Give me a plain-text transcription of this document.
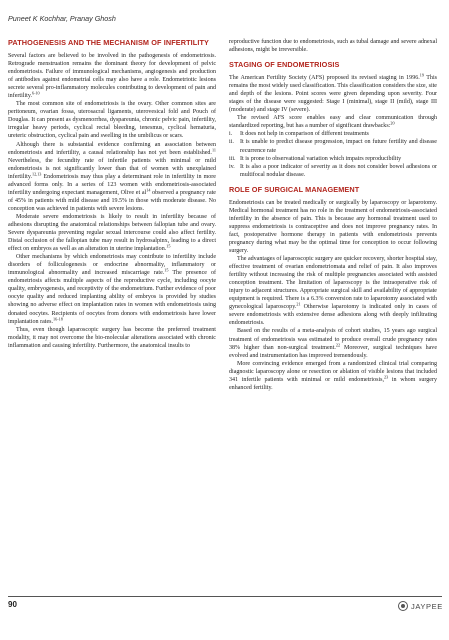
Puneet K Kochhar, Pranay Ghosh
PATHOGENESIS AND THE MECHANISM OF INFERTILITY

Several factors are believed to be involved in the pathogenesis of endometriosis. Retrograde menstruation remains the dominant theory for development of pelvic endometriosis. Failure of immunological mechanisms, angiogenesis and production of antibodies against endometrial cells may also have a role. Endometriotic lesions secrete several pro-inflammatory molecules contributing to development of pain and infertility.$^{6-10}$

The most common site of endometriosis is the ovary. Other common sites are peritoneum, ovarian fossa, uterosacral ligaments, uterovesical fold and Pouch of Douglas. It can present as dysmenorrhea, dyspareunia, chronic pelvic pain, infertility, irregular heavy periods, cyclical rectal bleeding, tenesmus, cyclical hematuria, ureteric obstruction, cyclical pain and swelling in the umbilicus or scars.

Although there is substantial evidence confirming an association between endometriosis and infertility, a causal relationship has not yet been established.$^{11}$ Nevertheless, the fecundity rate of infertile patients with minimal or mild endometriosis is not significantly lower than that of women with unexplained infertility.$^{12,13}$ Endometriosis may thus play a determinant role in infertility in more advanced forms only. In a series of 123 women with endometriosis-associated infertility undergoing expectant management, Olive et $al^{14}$ observed a pregnancy rate of 45% in patients with mild disease and 19.5% in those with moderate disease. No conception was achieved in patients with severe lesions.

Moderate severe endometriosis is likely to result in infertility because of adhesions disrupting the anatomical relationships between fallopian tube and ovary. Severe dyspareunia preventing regular sexual intercourse could also affect fertility. Distal occlusion of the fallopian tube may result in hydrosalpinx, leading to a direct effect on embryos as well as an alteration in uterine implantation.$^{15}$

Other mechanisms by which endometriosis may contribute to infertility include disorders of folliculogenesis or endocrine abnormality, inflammatory or immunological abnormality and increased miscarriage rate.$^{15}$ The presence of endometriosis affects multiple aspects of the reproductive cycle, including oocyte quality, embryogenesis, and receptivity of the endometrium. Further evidence of poor oocyte quality and reduced implanting ability of embryos is provided by studies showing no adverse effect on implantation rates in women with endometriosis using donated oocytes. Recipients of oocytes from donors with endometriosis have lower implantation rates.$^{16-18}$

Thus, even though laparoscopic surgery has become the preferred treatment modality, it may not overcome the bio-molecular alterations associated with chronic inflammation and causing infertility. Furthermore, the anatomical insults to

reproductive function due to endometriosis, such as tubal damage and severe adnexal adhesions, might be irreversible.

STAGING OF ENDOMETRIOSIS

The American Fertility Society (AFS) proposed its revised staging in 1996.19 This remains the most widely used classification. This classification considers the size, site and depth of the lesions. Point scores were given depending upon severity. Four stages of the disease were suggested: Stage I (minimal), stage II (mild), stage III (moderate) and stage IV (severe).

The revised AFS score enables easy and clear communication through standardized reporting, but has a number of significant drawbacks:$^{20}$

i. It does not help in comparison of different treatments
ii. It is unable to predict disease progression, impact on future fertility and disease recurrence rate
iii. It is prone to observational variation which impairs reproducibility
iv. It is also a poor indicator of severity as it does not consider bowel adhesions or multifocal nodular disease.
ROLE OF SURGICAL MANAGEMENT

Endometriosis can be treated medically or surgically by laparoscopy or laparotomy. Medical hormonal treatment has no role in the treatment of endometriosis-associated infertility in the absence of pain. This is because any hormonal treatment used to suppress endometriosis is contraceptive and does not improve pregnancy rates. In fact, postoperative hormone therapy in patients with endometriosis prevents pregnancy during what may be the optimal time for conception to occur following surgery.

The advantages of laparoscopic surgery are quicker recovery, shorter hospital stay, effective treatment of ovarian endometriomata and relief of pain. It also improves fertility without increasing the risk of multiple pregnancies associated with assisted conception treatment. The limitation of laparoscopy is the intraoperative risk of injury to adjacent structures. Appropriate surgical skill and availability of appropriate equipment is required. There is a 6.3% conversion rate to laparotomy associated with gynecological laparoscopy.$^{21}$ Otherwise laparotomy is indicated only in cases of severe endometriosis with extensive dense adhesions along with deeply infiltrating endometriosis.

Based on the results of a meta-analysis of cohort studies, 15 years ago surgical treatment of endometriosis was estimated to produce overall crude pregnancy rates 38% higher than non-surgical treatment.$^{22}$ Moreover, surgical techniques have evolved and instrumentation has improved tremendously.

More convincing evidence emerged from a randomized clinical trial comparing diagnostic laparoscopy alone or resection or ablation of visible lesions that included 341 infertile patients with minimal or mild endometriosis,$^{23}$ in whom surgery enhanced fertility.

90	JAYPEE
